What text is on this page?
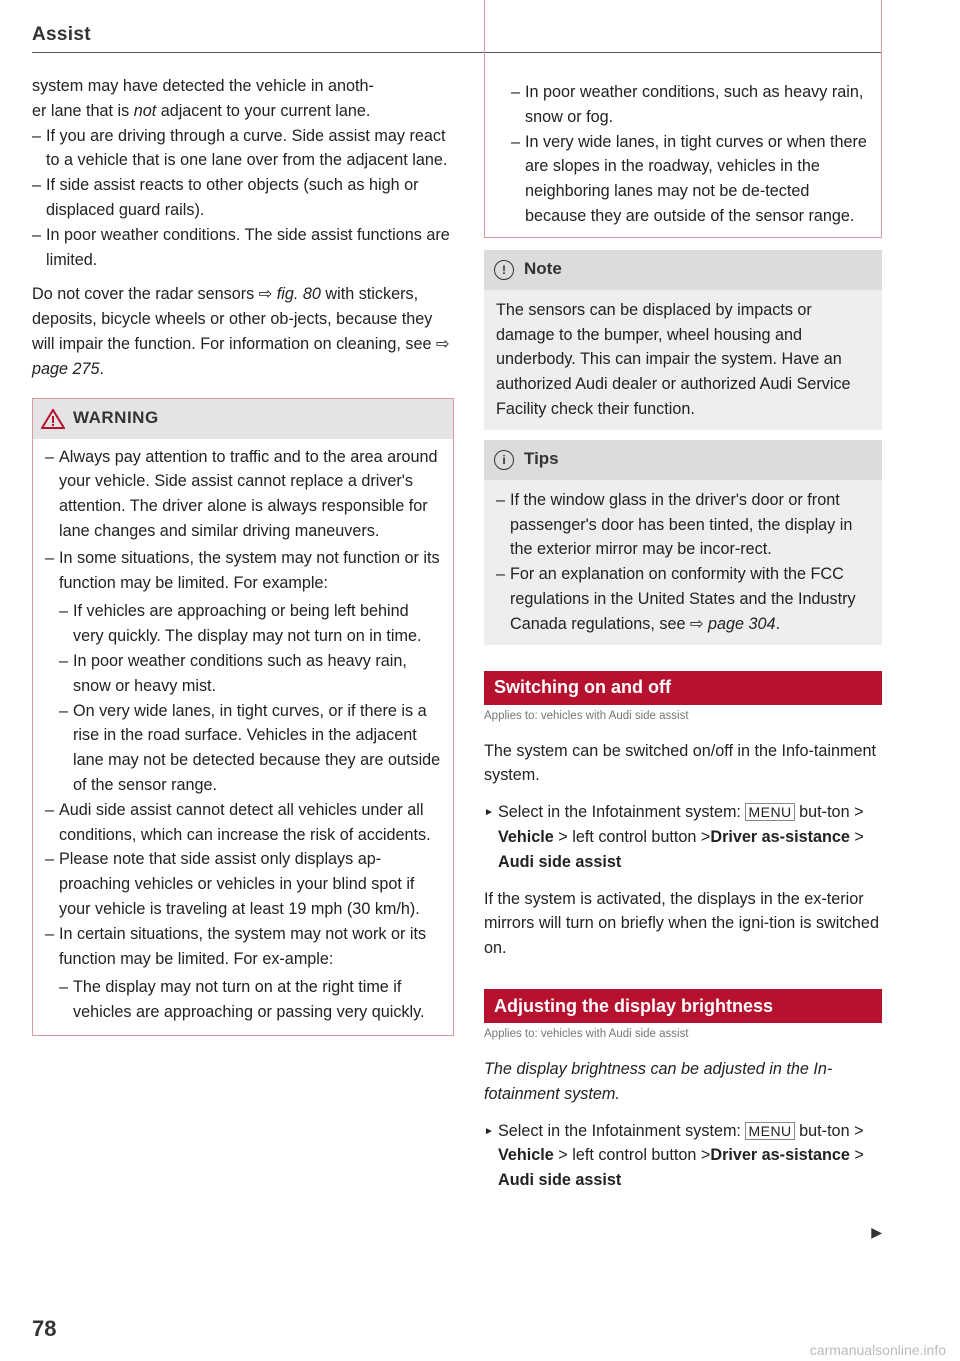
Assist

system may have detected the vehicle in anoth-
er lane that is not adjacent to your current lane.

– If you are driving through a curve. Side assist may react to a vehicle that is one lane over from the adjacent lane.

– If side assist reacts to other objects (such as high or displaced guard rails).

– In poor weather conditions. The side assist functions are limited.

Do not cover the radar sensors ⇨ fig. 80 with stickers, deposits, bicycle wheels or other ob-jects, because they will impair the function. For information on cleaning, see ⇨ page 275.

WARNING

– Always pay attention to traffic and to the area around your vehicle. Side assist cannot replace a driver's attention. The driver alone is always responsible for lane changes and similar driving maneuvers.

– In some situations, the system may not function or its function may be limited. For example:

– If vehicles are approaching or being left behind very quickly. The display may not turn on in time.

– In poor weather conditions such as heavy rain, snow or heavy mist.

– On very wide lanes, in tight curves, or if there is a rise in the road surface. Vehicles in the adjacent lane may not be detected because they are outside of the sensor range.

– Audi side assist cannot detect all vehicles under all conditions, which can increase the risk of accidents.

– Please note that side assist only displays ap-proaching vehicles or vehicles in your blind spot if your vehicle is traveling at least 19 mph (30 km/h).

– In certain situations, the system may not work or its function may be limited. For ex-ample:

– The display may not turn on at the right time if vehicles are approaching or passing very quickly.

– In poor weather conditions, such as heavy rain, snow or fog.

– In very wide lanes, in tight curves or when there are slopes in the roadway, vehicles in the neighboring lanes may not be de-tected because they are outside of the sensor range.

!	Note
The sensors can be displaced by impacts or damage to the bumper, wheel housing and underbody. This can impair the system. Have an authorized Audi dealer or authorized Audi Service Facility check their function.
i	Tips

– If the window glass in the driver's door or front passenger's door has been tinted, the display in the exterior mirror may be incor-rect.

– For an explanation on conformity with the FCC regulations in the United States and the Industry Canada regulations, see ⇨ page 304.

Switching on and off
Applies to: vehicles with Audi side assist

The system can be switched on/off in the Info-tainment system.

► Select in the Infotainment system: MENU but-ton > Vehicle > left control button >Driver as-sistance > Audi side assist

If the system is activated, the displays in the ex-terior mirrors will turn on briefly when the igni-tion is switched on.

Adjusting the display brightness
Applies to: vehicles with Audi side assist

The display brightness can be adjusted in the In-fotainment system.

► Select in the Infotainment system: MENU but-ton > Vehicle > left control button >Driver as-sistance > Audi side assist

▶
78
carmanualsonline.info
